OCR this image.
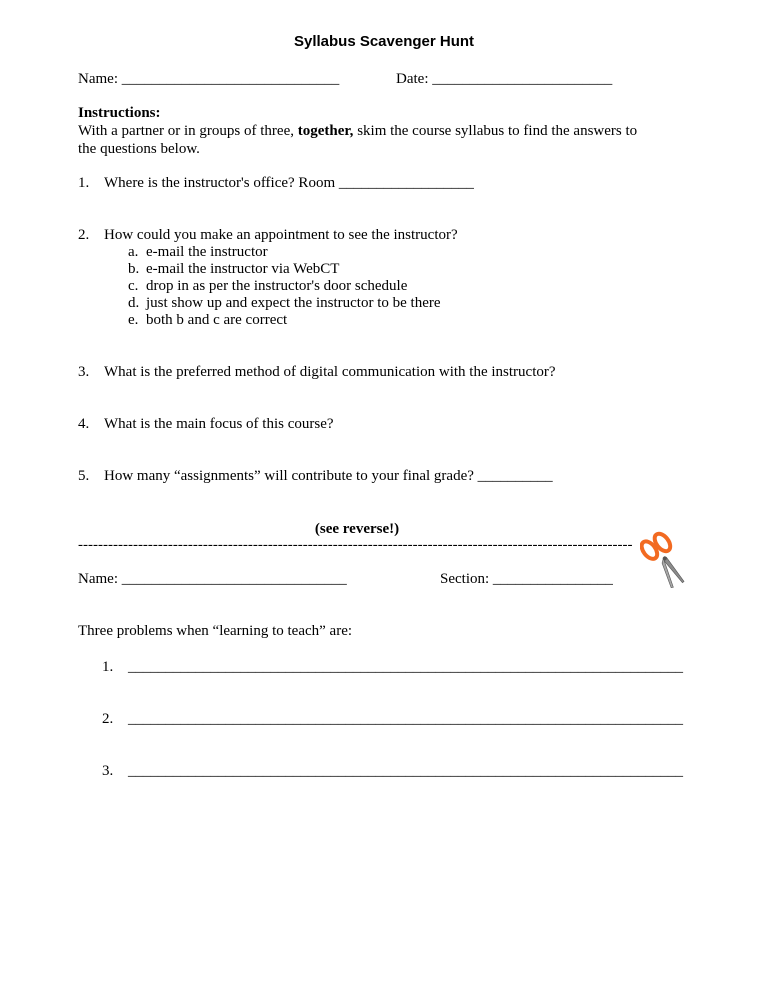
Syllabus Scavenger Hunt
Name: _____________________________	Date: ________________________
Instructions:
With a partner or in groups of three, together, skim the course syllabus to find the answers to the questions below.
1. Where is the instructor's office? Room __________________
2. How could you make an appointment to see the instructor?
a. e-mail the instructor
b. e-mail the instructor via WebCT
c. drop in as per the instructor's door schedule
d. just show up and expect the instructor to be there
e. both b and c are correct
3. What is the preferred method of digital communication with the instructor?
4. What is the main focus of this course?
5. How many “assignments” will contribute to your final grade? __________
(see reverse!)
---------------------------------------------------------------------------------------------------------------
Name: ______________________________	Section: ________________
Three problems when “learning to teach” are:
1. __________________________________________________________________________
2. __________________________________________________________________________
3. __________________________________________________________________________
